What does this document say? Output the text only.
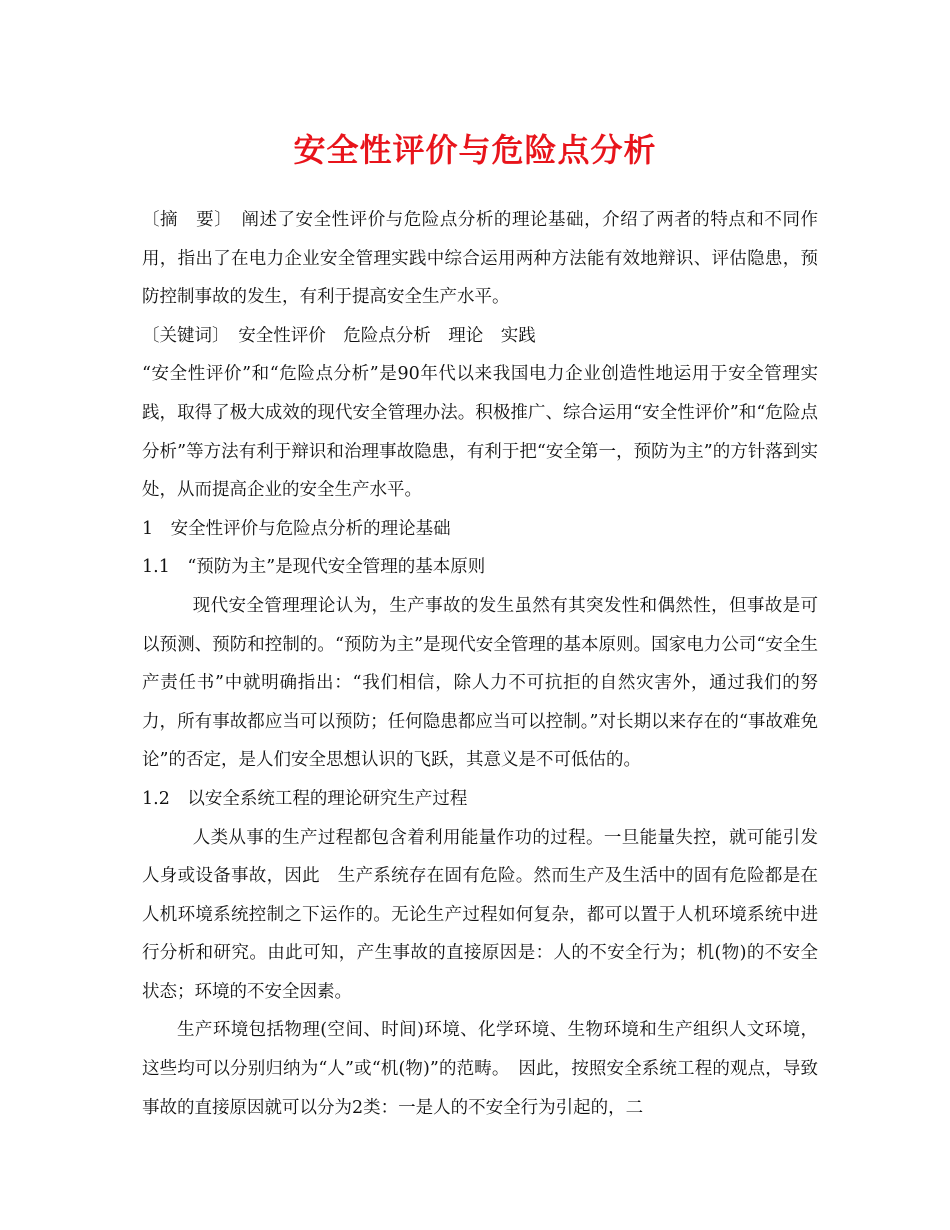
安全性评价与危险点分析

〔摘　要〕　阐述了安全性评价与危险点分析的理论基础，介绍了两者的特点和不同作用，指出了在电力企业安全管理实践中综合运用两种方法能有效地辩识、评估隐患，预防控制事故的发生，有利于提高安全生产水平。

〔关键词〕　安全性评价　危险点分析　理论　实践

“安全性评价”和“危险点分析”是90年代以来我国电力企业创造性地运用于安全管理实践，取得了极大成效的现代安全管理办法。积极推广、综合运用“安全性评价”和“危险点分析”等方法有利于辩识和治理事故隐患，有利于把“安全第一，预防为主”的方针落到实处，从而提高企业的安全生产水平。

1　安全性评价与危险点分析的理论基础

1.1　“预防为主”是现代安全管理的基本原则

现代安全管理理论认为，生产事故的发生虽然有其突发性和偶然性，但事故是可以预测、预防和控制的。“预防为主”是现代安全管理的基本原则。国家电力公司“安全生产责任书”中就明确指出：“我们相信，除人力不可抗拒的自然灾害外，通过我们的努力，所有事故都应当可以预防；任何隐患都应当可以控制。”对长期以来存在的“事故难免论”的否定，是人们安全思想认识的飞跃，其意义是不可低估的。

1.2　以安全系统工程的理论研究生产过程

人类从事的生产过程都包含着利用能量作功的过程。一旦能量失控，就可能引发人身或设备事故，因此　生产系统存在固有危险。然而生产及生活中的固有危险都是在人机环境系统控制之下运作的。无论生产过程如何复杂，都可以置于人机环境系统中进行分析和研究。由此可知，产生事故的直接原因是：人的不安全行为；机(物)的不安全状态；环境的不安全因素。

生产环境包括物理(空间、时间)环境、化学环境、生物环境和生产组织人文环境，这些均可以分别归纳为“人”或“机(物)”的范畴。　因此，按照安全系统工程的观点，导致事故的直接原因就可以分为2类：一是人的不安全行为引起的，二
